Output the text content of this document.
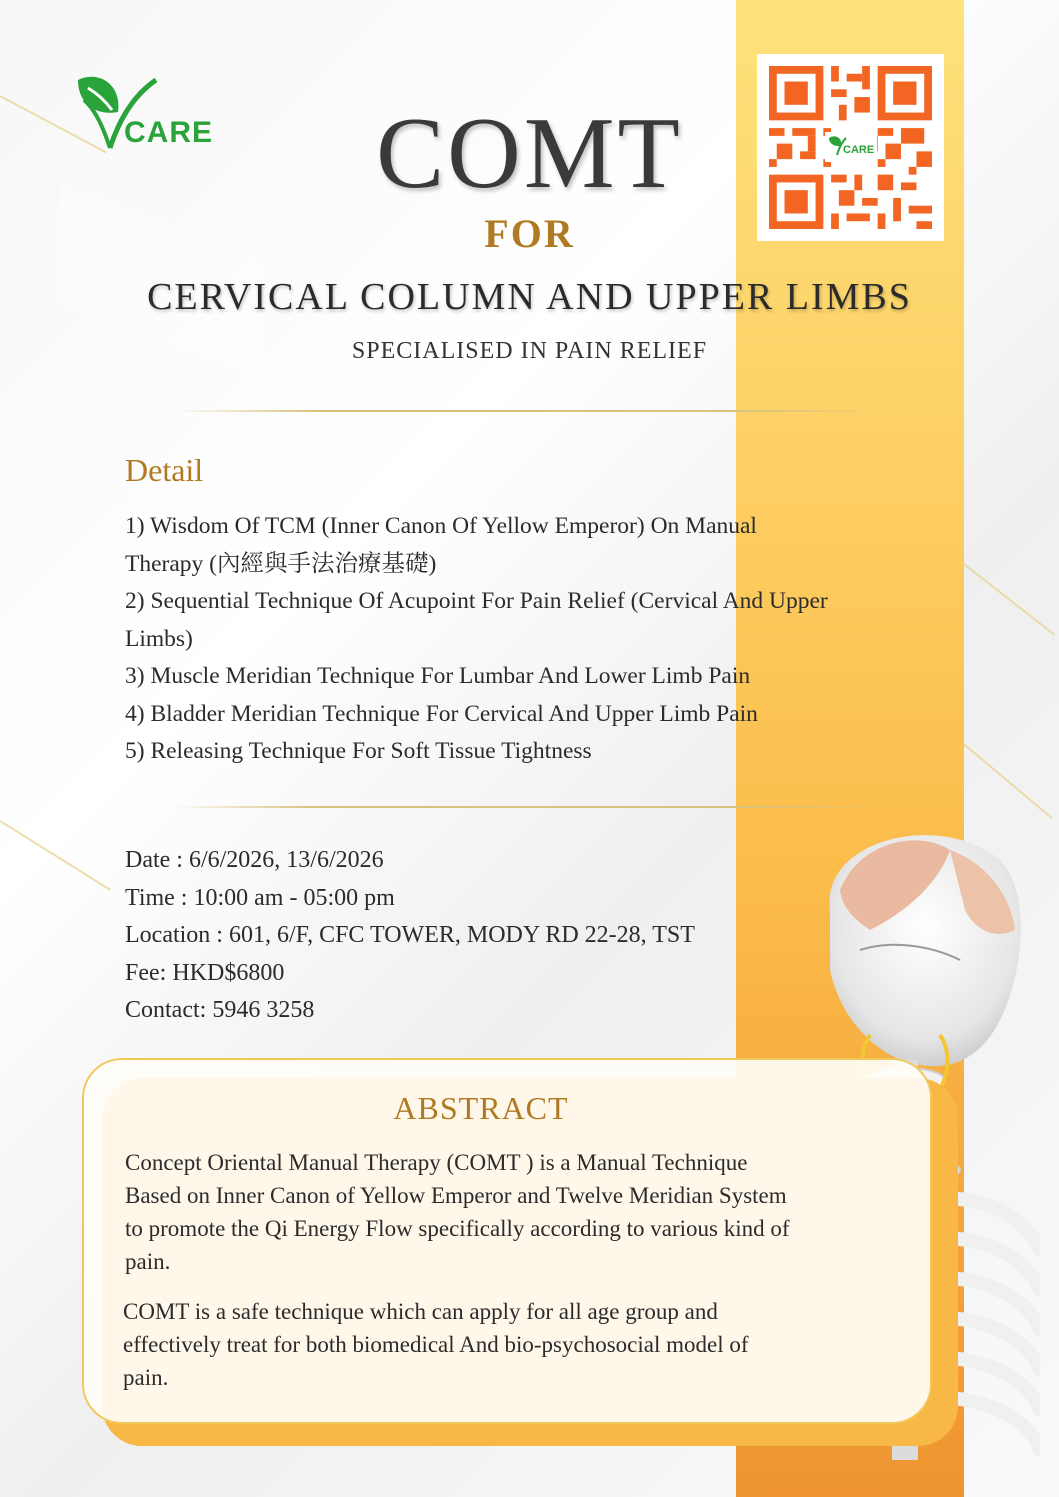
CARE
CARE
COMT
FOR
CERVICAL COLUMN AND UPPER LIMBS
SPECIALISED IN PAIN RELIEF
Detail
1) Wisdom Of TCM (Inner Canon Of Yellow Emperor) On Manual
Therapy (內經與手法治療基礎)
2) Sequential Technique Of Acupoint For Pain Relief (Cervical And Upper
Limbs)
3) Muscle Meridian Technique For Lumbar And Lower Limb Pain
4) Bladder Meridian Technique For Cervical And Upper Limb Pain
5) Releasing Technique For Soft Tissue Tightness
Date : 6/6/2026, 13/6/2026
Time : 10:00 am - 05:00 pm
Location : 601, 6/F, CFC TOWER, MODY RD 22-28, TST
Fee: HKD$6800
Contact: 5946 3258
ABSTRACT
Concept Oriental Manual Therapy (COMT ) is a Manual Technique
Based on Inner Canon of Yellow Emperor and Twelve Meridian System
to promote the Qi Energy Flow specifically according to various kind of
pain.
COMT is a safe technique which can apply for all age group and
effectively treat for both biomedical And bio-psychosocial model of
pain.
